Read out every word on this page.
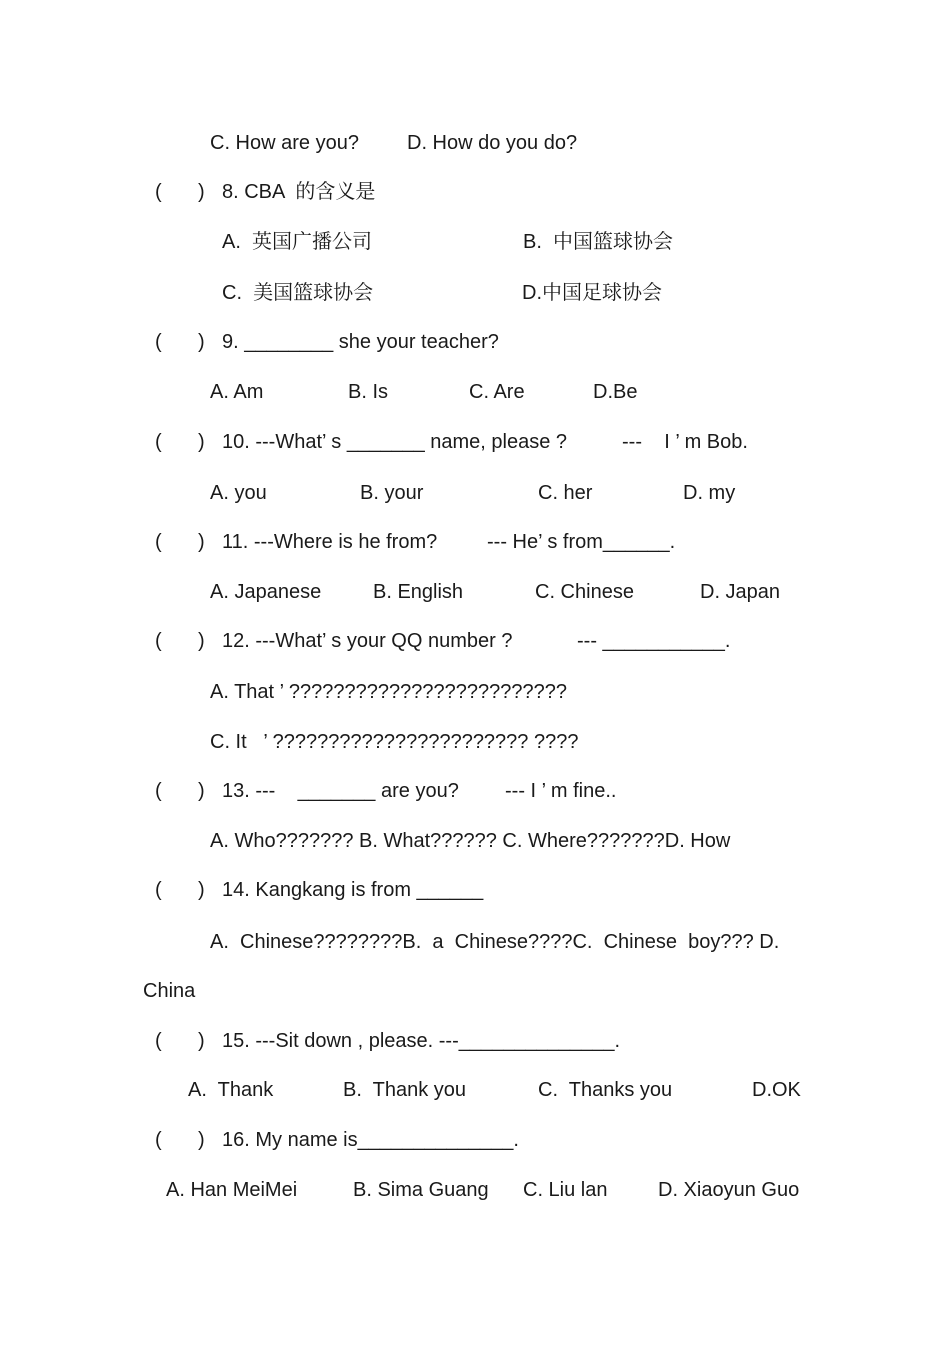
C. How are you? D. How do you do?
( ) 8. CBA  的含义是
A.  英国广播公司	B.  中国篮球协会
C.  美国篮球协会	D.中国足球协会
( ) 9. ________ she your teacher?
A. Am	B. Is	C. Are	D.Be
( ) 10. ---What’ s _______ name, please ?	---    I ’ m Bob.
A. you	B. your	C. her	D. my
( ) 11. ---Where is he from? --- He’ s from______.
A. Japanese	B. English	C. Chinese	D. Japan
( ) 12. ---What’ s your QQ number ?	--- ___________.
A. That ’ ?????????????????????????
C. It   ’ ??????????????????????? ????
( ) 13. ---    _______ are you? --- I ’ m fine..
A. Who??????? B. What?????? C. Where???????D. How
( ) 14. Kangkang is from ______
A.  Chinese????????B.  a  Chinese????C.  Chinese  boy??? D.
China
( ) 15. ---Sit down , please. ---______________.
A.  Thank	B.  Thank you	C.  Thanks you	D.OK
( ) 16. My name is______________.
A. Han MeiMei	B. Sima Guang C. Liu lan	D. Xiaoyun Guo
